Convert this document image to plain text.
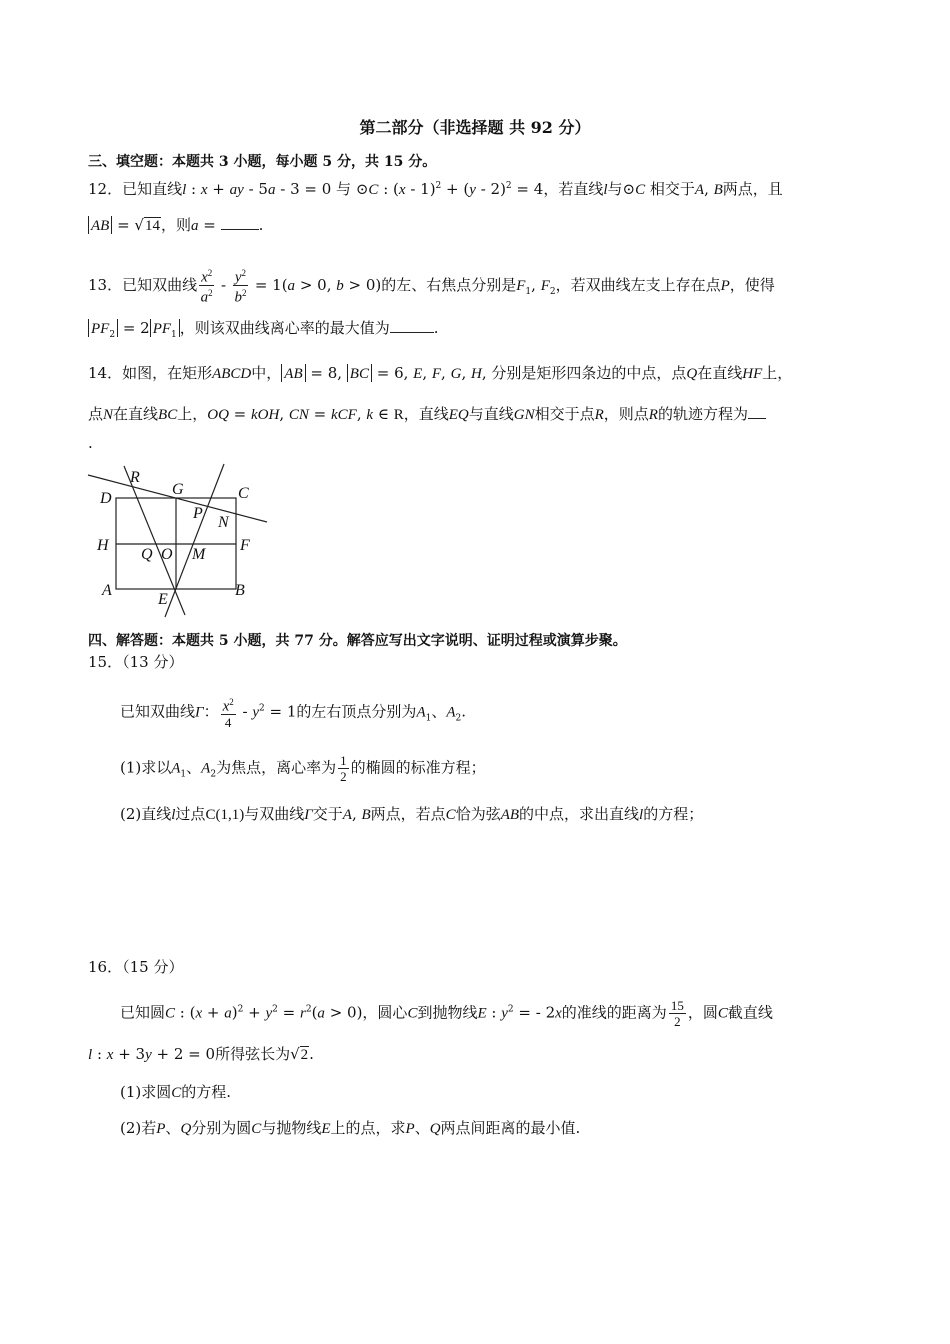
第二部分（非选择题 共 92 分）
三、填空题：本题共 3 小题，每小题 5 分，共 15 分。
12．已知直线l : x + ay - 5a - 3 = 0 与 ⊙C : (x - 1)$^2$ + (y - 2)$^2$ = 4，若直线l与⊙C 相交于A, B两点，且
AB = √14，则a =	.
13．已知双曲线 $\frac{x^2}{a^2} - \frac{y^2}{b^2} = 1(a > 0$, b > 0)的左、右焦点分别是$F_1$, $F_2$，若双曲线左支上存在点P，使得
$PF_2 = 2$ $PF_1$ ，则该双曲线离心率的最大值为	.
14．如图，在矩形ABCD中， AB = 8, BC = 6, E, F, G, H, 分别是矩形四条边的中点，点Q在直线HF上，
点N在直线BC上，OQ = kOH, CN = kCF, k ∈ R，直线EQ与直线GN相交于点R，则点R的轨迹方程为
.
R
G	C
D
P
N
H
Q O M
F
A
E
B
四、解答题：本题共 5 小题，共 77 分。解答应写出文字说明、证明过程或演算步聚。
15．（13 分）
已知双曲线Γ： $\frac{x^2}{4} - y^2 = 1$的左右顶点分别为$A_1$、$A_2$.
(1)求以$A_1$、$A_2$为焦点，离心率为 $\frac{1}{2}$ 的椭圆的标准方程；
(2)直线l过点C(1,1)与双曲线Γ交于A, B两点，若点C恰为弦AB的中点，求出直线l的方程；
16．（15 分）
已知圆C : $(x + a)^2 + y^2 = r^2(a > 0)$，圆心C到抛物线E : $y^2$ = - 2x的准线的距离为 $\frac{15}{2}$ ，圆C截直线
l : x + 3y + 2 = 0所得弦长为√2.
(1)求圆C的方程.
(2)若P、Q分别为圆C与抛物线E上的点，求P、Q两点间距离的最小值.
